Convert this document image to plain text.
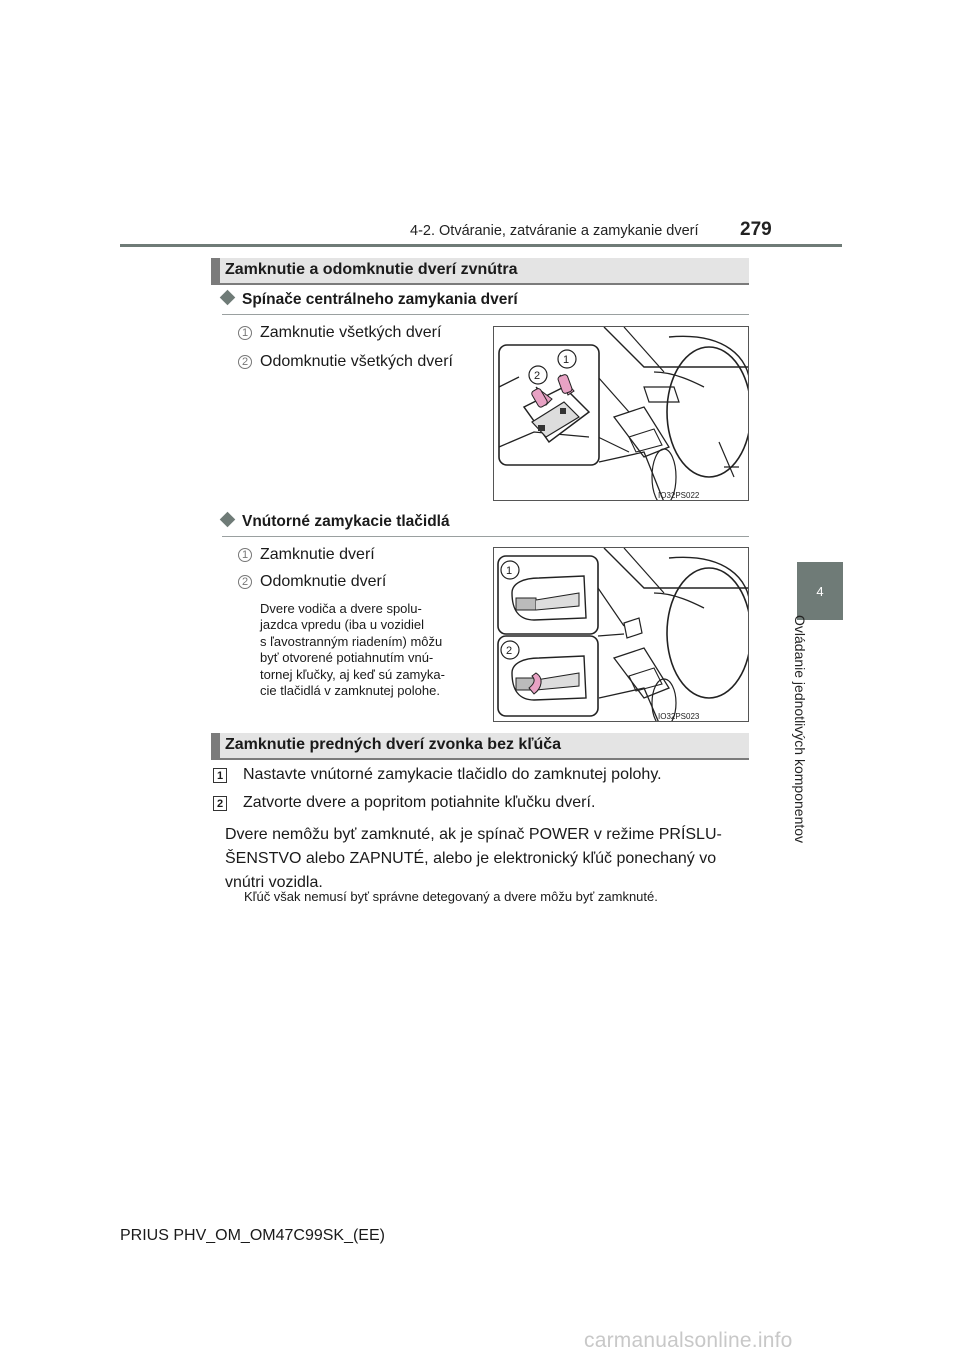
4-2. Otváranie, zatváranie a zamykanie dverí 279
4
Ovládanie jednotlivých komponentov
Zamknutie a odomknutie dverí zvnútra
Spínače centrálneho zamykania dverí
1 Zamknutie všetkých dverí
2 Odomknutie všetkých dverí
IO32PS022
2
1
Vnútorné zamykacie tlačidlá
1 Zamknutie dverí
2 Odomknutie dverí
Dvere vodiča a dvere spolu-
jazdca vpredu (iba u vozidiel
s ľavostranným riadením) môžu
byť otvorené potiahnutím vnú-
tornej kľučky, aj keď sú zamyka-
cie tlačidlá v zamknutej polohe.
IO32PS023
1
2
Zamknutie predných dverí zvonka bez kľúča
1 Nastavte vnútorné zamykacie tlačidlo do zamknutej polohy.
2 Zatvorte dvere a popritom potiahnite kľučku dverí.
Dvere nemôžu byť zamknuté, ak je spínač POWER v režime PRÍSLU-
ŠENSTVO alebo ZAPNUTÉ, alebo je elektronický kľúč ponechaný vo
vnútri vozidla.
Kľúč však nemusí byť správne detegovaný a dvere môžu byť zamknuté.
PRIUS PHV_OM_OM47C99SK_(EE)
carmanualsonline.info
